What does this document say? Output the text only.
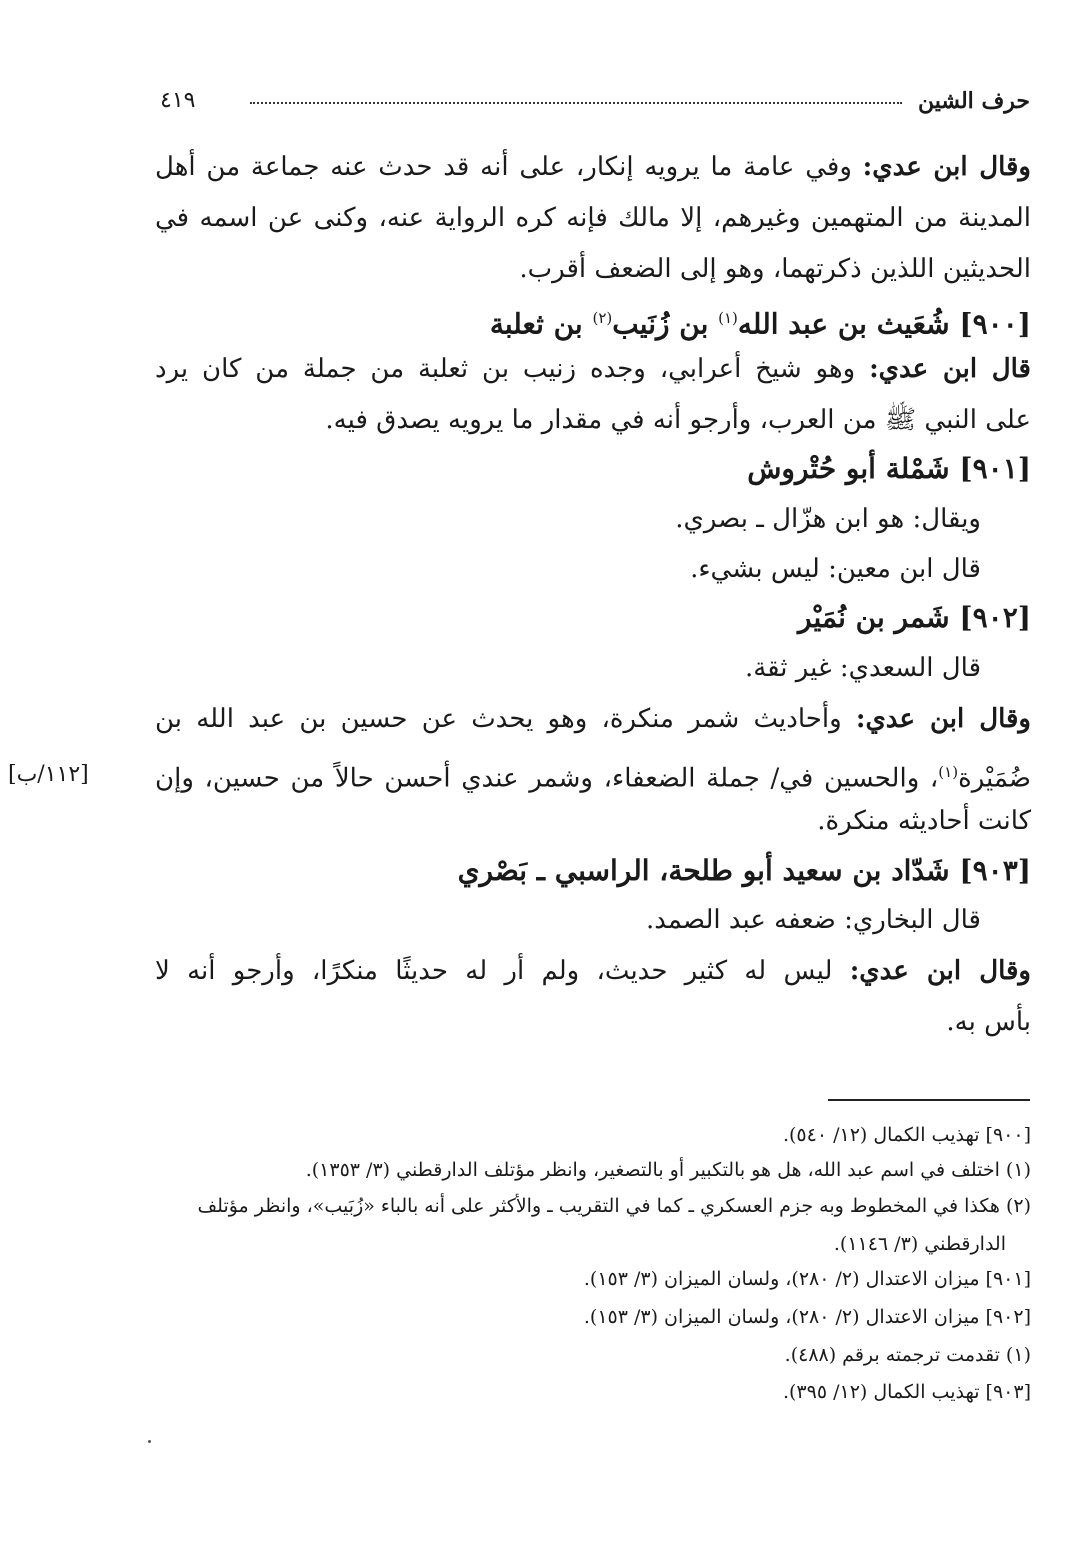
حرف الشين
٤١٩
وقال ابن عدي: وفي عامة ما يرويه إنكار، على أنه قد حدث عنه جماعة من أهل
المدينة من المتهمين وغيرهم، إلا مالك فإنه كره الرواية عنه، وكنى عن اسمه في
الحديثين اللذين ذكرتهما، وهو إلى الضعف أقرب.
[٩٠٠] شُعَيث بن عبد الله$^{(١)}$ بن زُنَيب$^{(٢)}$ بن ثعلبة
قال ابن عدي: وهو شيخ أعرابي، وجده زنيب بن ثعلبة من جملة من كان يرد
على النبي ﷺ من العرب، وأرجو أنه في مقدار ما يرويه يصدق فيه.
[٩٠١] شَمْلة أبو حُتْروش
ويقال: هو ابن هزّال ـ بصري.
قال ابن معين: ليس بشيء.
[٩٠٢] شَمر بن نُمَيْر
قال السعدي: غير ثقة.
وقال ابن عدي: وأحاديث شمر منكرة، وهو يحدث عن حسين بن عبد الله بن
ضُمَيْرة$^{(١)}$، والحسين في/ جملة الضعفاء، وشمر عندي أحسن حالاً من حسين، وإن
[١١٢/ب]
كانت أحاديثه منكرة.
[٩٠٣] شَدّاد بن سعيد أبو طلحة، الراسبي ـ بَصْري
قال البخاري: ضعفه عبد الصمد.
وقال ابن عدي: ليس له كثير حديث، ولم أر له حديثًا منكرًا، وأرجو أنه لا
بأس به.
[٩٠٠] تهذيب الكمال (١٢/ ٥٤٠).
(١) اختلف في اسم عبد الله، هل هو بالتكبير أو بالتصغير، وانظر مؤتلف الدارقطني (٣/ ١٣٥٣).
(٢) هكذا في المخطوط وبه جزم العسكري ـ كما في التقريب ـ والأكثر على أنه بالباء «زُبَيب»، وانظر مؤتلف
الدارقطني (٣/ ١١٤٦).
[٩٠١] ميزان الاعتدال (٢/ ٢٨٠)، ولسان الميزان (٣/ ١٥٣).
[٩٠٢] ميزان الاعتدال (٢/ ٢٨٠)، ولسان الميزان (٣/ ١٥٣).
(١) تقدمت ترجمته برقم (٤٨٨).
[٩٠٣] تهذيب الكمال (١٢/ ٣٩٥).
